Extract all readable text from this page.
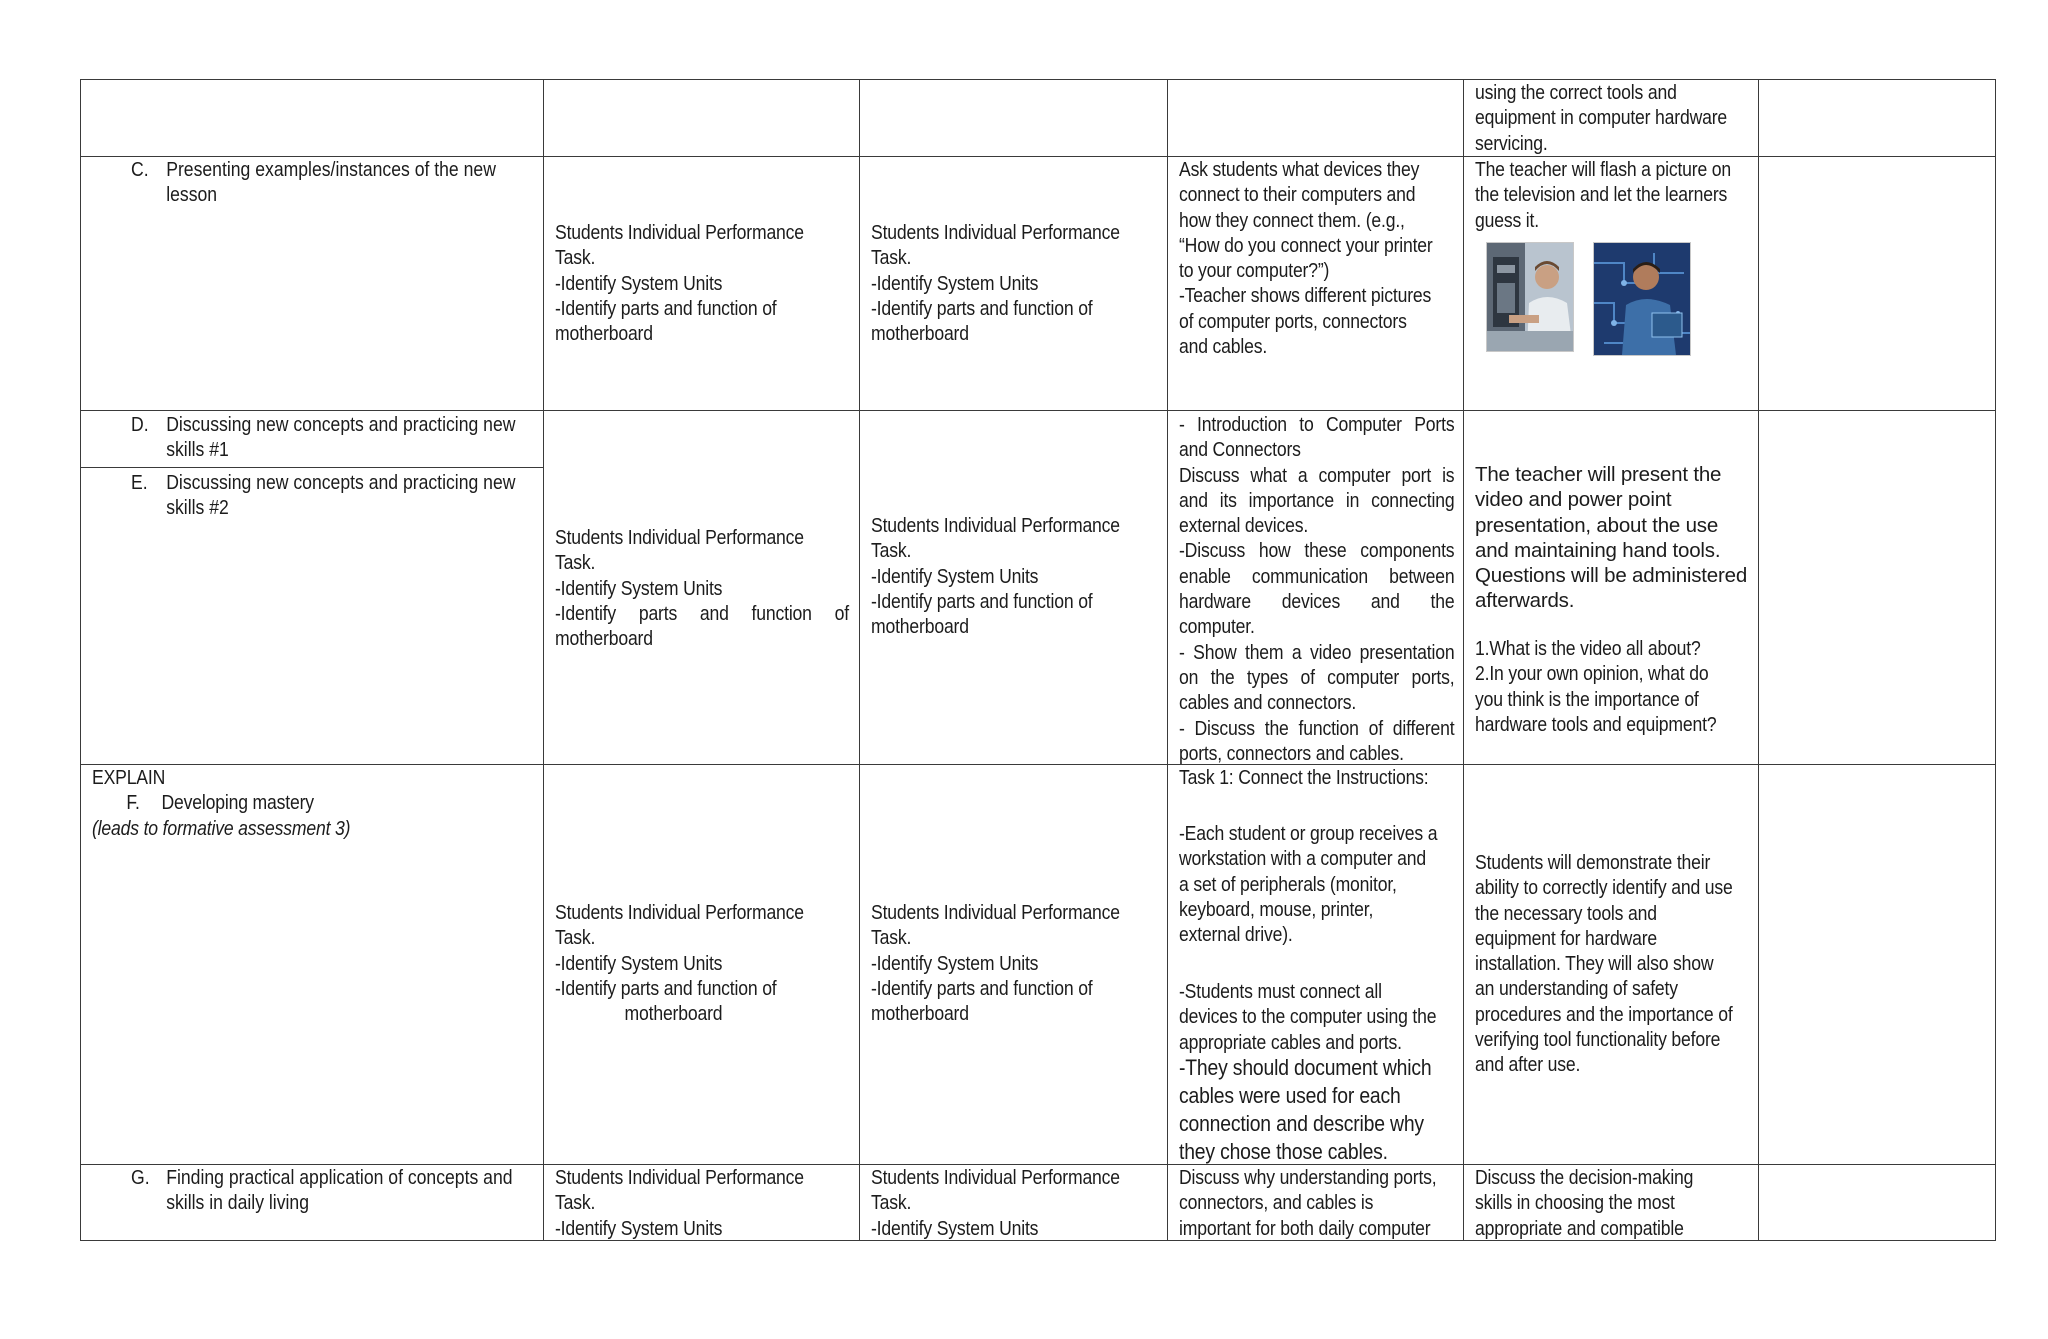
using the correct tools and equipment in computer hardware servicing.

C. Presenting examples/instances of the new lesson

Students Individual Performance

Task.

-Identify System Units

-Identify parts and function of

motherboard

Students Individual Performance

Task.

-Identify System Units

-Identify parts and function of

motherboard

Ask students what devices they

connect to their computers and

how they connect them. (e.g.,

“How do you connect your printer

to your computer?”)

-Teacher shows different pictures

of computer ports, connectors

and cables.

The teacher will flash a picture on

the television and let the learners

guess it.

D. Discussing new concepts and practicing new skills #1
E. Discussing new concepts and practicing new skills #2

Students Individual Performance

Task.

-Identify System Units

-Identify parts and function of motherboard

Students Individual Performance

Task.

-Identify System Units

-Identify parts and function of

motherboard

- Introduction to Computer Ports and Connectors

Discuss what a computer port is and its importance in connecting external devices.

-Discuss how these components enable communication between hardware devices and the computer.

- Show them a video presentation on the types of computer ports, cables and connectors.

- Discuss the function of different ports, connectors and cables.

The teacher will present the

video and power point

presentation, about the use

and maintaining hand tools.

Questions will be administered

afterwards.

1.What is the video all about?

2.In your own opinion, what do

you think is the importance of

hardware tools and equipment?

EXPLAIN

F. Developing mastery

(leads to formative assessment 3)

Students Individual Performance

Task.

-Identify System Units

-Identify parts and function of

motherboard

Students Individual Performance

Task.

-Identify System Units

-Identify parts and function of

motherboard

Task 1: Connect the Instructions:

-Each student or group receives a

workstation with a computer and

a set of peripherals (monitor,

keyboard, mouse, printer,

external drive).

-Students must connect all

devices to the computer using the

appropriate cables and ports.

-They should document which

cables were used for each

connection and describe why

they chose those cables.

Students will demonstrate their

ability to correctly identify and use

the necessary tools and

equipment for hardware

installation. They will also show

an understanding of safety

procedures and the importance of

verifying tool functionality before

and after use.

G. Finding practical application of concepts and skills in daily living

Students Individual Performance

Task.

-Identify System Units

Students Individual Performance

Task.

-Identify System Units

Discuss why understanding ports,

connectors, and cables is

important for both daily computer

Discuss the decision-making

skills in choosing the most

appropriate and compatible
